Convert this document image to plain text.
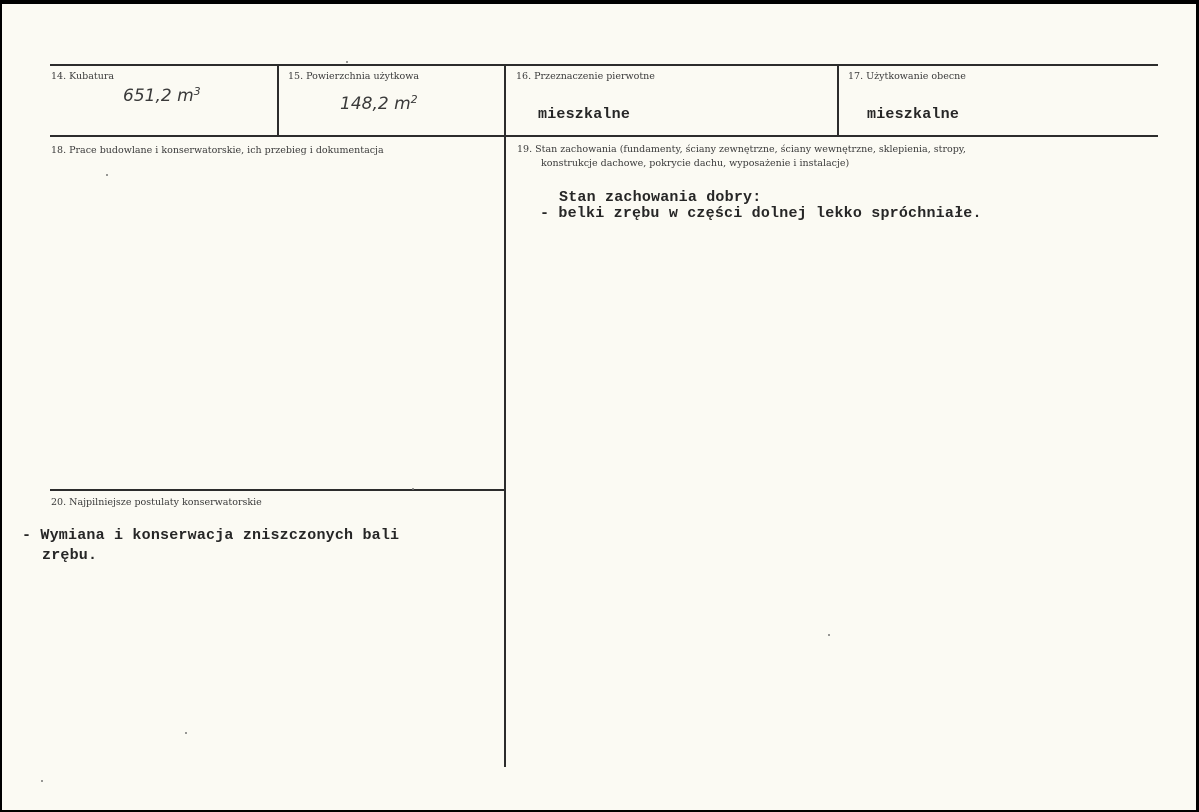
14. Kubatura
651,2 $m^3$
15. Powierzchnia użytkowa
148,2 $m^2$
16. Przeznaczenie pierwotne
mieszkalne
17. Użytkowanie obecne
mieszkalne
18. Prace budowlane i konserwatorskie, ich przebieg i dokumentacja	19. Stan zachowania (fundamenty, ściany zewnętrzne, ściany wewnętrzne, sklepienia, stropy,
konstrukcje dachowe, pokrycie dachu, wyposażenie i instalacje)
Stan zachowania dobry:
- belki zrębu w części dolnej lekko spróchniałe.
20. Najpilniejsze postulaty konserwatorskie
- Wymiana i konserwacja zniszczonych bali
zrębu.
